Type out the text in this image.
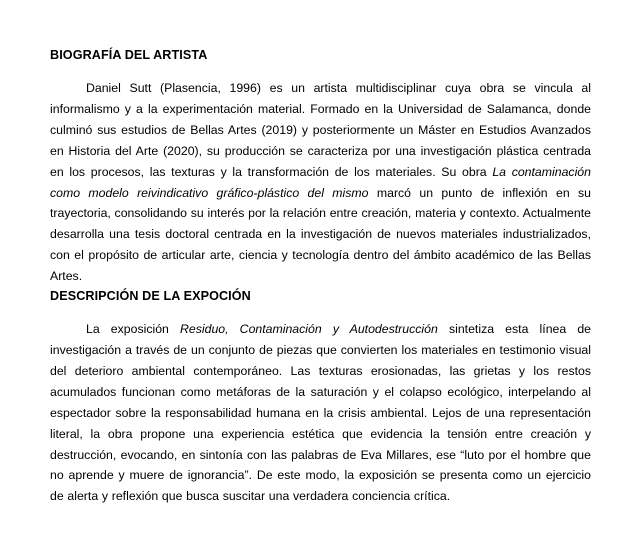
BIOGRAFÍA DEL ARTISTA

Daniel Sutt (Plasencia, 1996) es un artista multidisciplinar cuya obra se vincula al informalismo y a la experimentación material. Formado en la Universidad de Salamanca, donde culminó sus estudios de Bellas Artes (2019) y posteriormente un Máster en Estudios Avanzados en Historia del Arte (2020), su producción se caracteriza por una investigación plástica centrada en los procesos, las texturas y la transformación de los materiales. Su obra La contaminación como modelo reivindicativo gráfico-plástico del mismo marcó un punto de inflexión en su trayectoria, consolidando su interés por la relación entre creación, materia y contexto. Actualmente desarrolla una tesis doctoral centrada en la investigación de nuevos materiales industrializados, con el propósito de articular arte, ciencia y tecnología dentro del ámbito académico de las Bellas Artes.

DESCRIPCIÓN DE LA EXPOCIÓN

La exposición Residuo, Contaminación y Autodestrucción sintetiza esta línea de investigación a través de un conjunto de piezas que convierten los materiales en testimonio visual del deterioro ambiental contemporáneo. Las texturas erosionadas, las grietas y los restos acumulados funcionan como metáforas de la saturación y el colapso ecológico, interpelando al espectador sobre la responsabilidad humana en la crisis ambiental. Lejos de una representación literal, la obra propone una experiencia estética que evidencia la tensión entre creación y destrucción, evocando, en sintonía con las palabras de Eva Millares, ese “luto por el hombre que no aprende y muere de ignorancia”. De este modo, la exposición se presenta como un ejercicio de alerta y reflexión que busca suscitar una verdadera conciencia crítica.
